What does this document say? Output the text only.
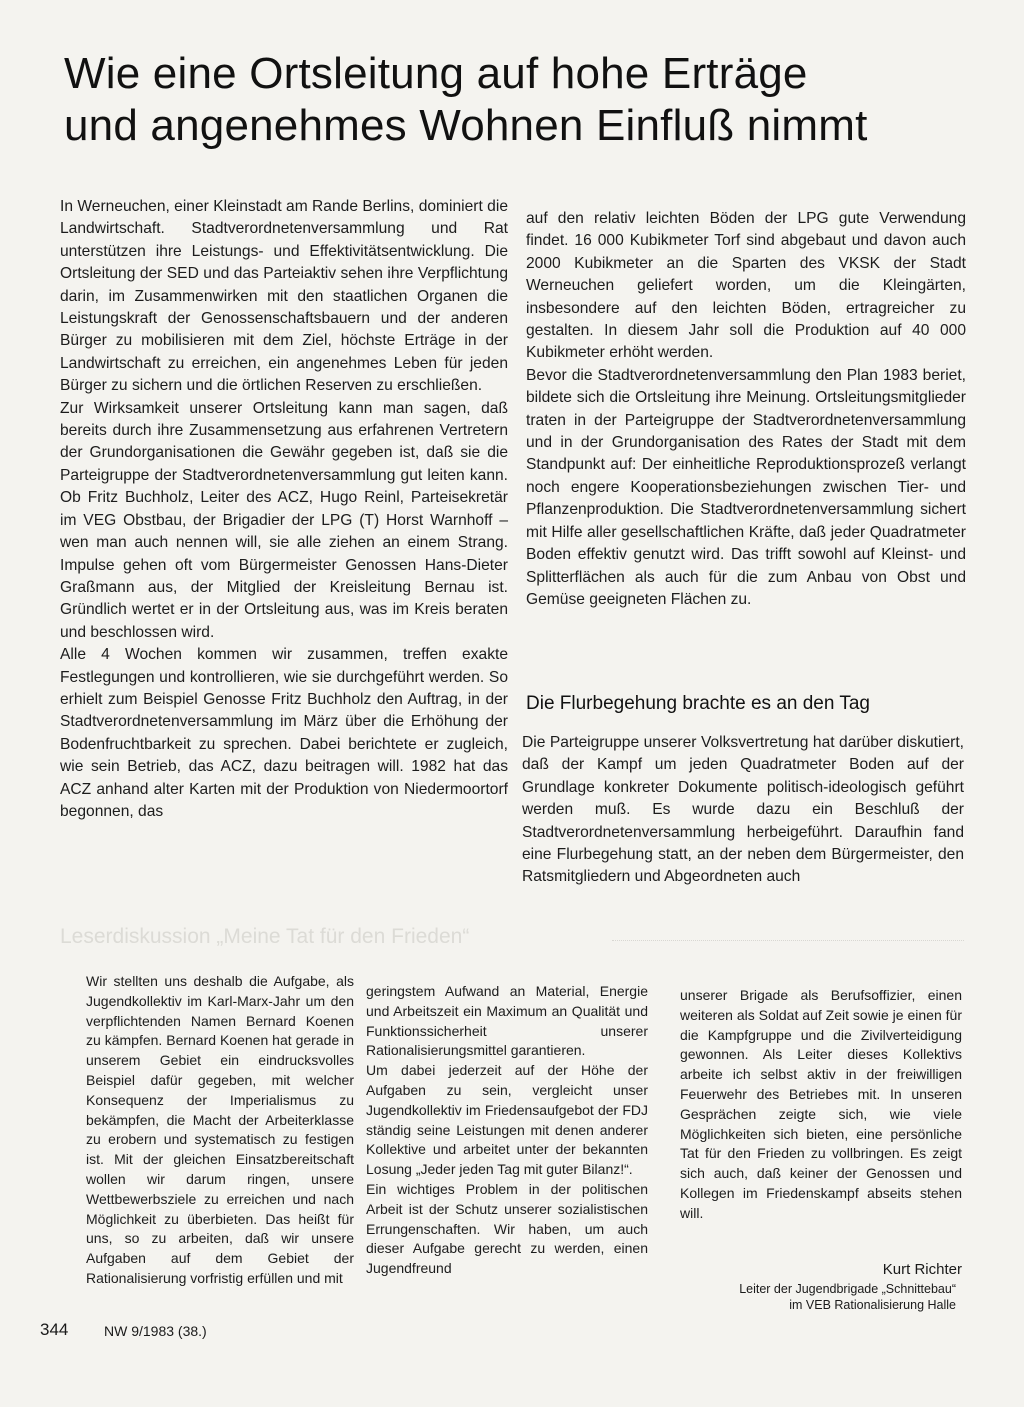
Wie eine Ortsleitung auf hohe Erträge
und angenehmes Wohnen Einfluß nimmt

In Werneuchen, einer Kleinstadt am Rande Berlins, dominiert die Landwirtschaft. Stadtverordnetenversammlung und Rat unterstützen ihre Leistungs- und Effektivitätsentwicklung. Die Ortsleitung der SED und das Parteiaktiv sehen ihre Verpflichtung darin, im Zusammenwirken mit den staatlichen Organen die Leistungskraft der Genossenschaftsbauern und der anderen Bürger zu mobilisieren mit dem Ziel, höchste Erträge in der Landwirtschaft zu erreichen, ein angenehmes Leben für jeden Bürger zu sichern und die örtlichen Reserven zu erschließen.

Zur Wirksamkeit unserer Ortsleitung kann man sagen, daß bereits durch ihre Zusammensetzung aus erfahrenen Vertretern der Grundorganisationen die Gewähr gegeben ist, daß sie die Parteigruppe der Stadtverordnetenversammlung gut leiten kann. Ob Fritz Buchholz, Leiter des ACZ, Hugo Reinl, Parteisekretär im VEG Obstbau, der Brigadier der LPG (T) Horst Warnhoff – wen man auch nennen will, sie alle ziehen an einem Strang. Impulse gehen oft vom Bürgermeister Genossen Hans-Dieter Graßmann aus, der Mitglied der Kreisleitung Bernau ist. Gründlich wertet er in der Ortsleitung aus, was im Kreis beraten und beschlossen wird.

Alle 4 Wochen kommen wir zusammen, treffen exakte Festlegungen und kontrollieren, wie sie durchgeführt werden. So erhielt zum Beispiel Genosse Fritz Buchholz den Auftrag, in der Stadtverordnetenversammlung im März über die Erhöhung der Bodenfruchtbarkeit zu sprechen. Dabei berichtete er zugleich, wie sein Betrieb, das ACZ, dazu beitragen will. 1982 hat das ACZ anhand alter Karten mit der Produktion von Niedermoortorf begonnen, das

auf den relativ leichten Böden der LPG gute Verwendung findet. 16 000 Kubikmeter Torf sind abgebaut und davon auch 2000 Kubikmeter an die Sparten des VKSK der Stadt Werneuchen geliefert worden, um die Kleingärten, insbesondere auf den leichten Böden, ertragreicher zu gestalten. In diesem Jahr soll die Produktion auf 40 000 Kubikmeter erhöht werden.

Bevor die Stadtverordnetenversammlung den Plan 1983 beriet, bildete sich die Ortsleitung ihre Meinung. Ortsleitungsmitglieder traten in der Parteigruppe der Stadtverordnetenversammlung und in der Grundorganisation des Rates der Stadt mit dem Standpunkt auf: Der einheitliche Reproduktionsprozeß verlangt noch engere Kooperationsbeziehungen zwischen Tier- und Pflanzenproduktion. Die Stadtverordnetenversammlung sichert mit Hilfe aller gesellschaftlichen Kräfte, daß jeder Quadratmeter Boden effektiv genutzt wird. Das trifft sowohl auf Kleinst- und Splitterflächen als auch für die zum Anbau von Obst und Gemüse geeigneten Flächen zu.

Die Flurbegehung brachte es an den Tag

Die Parteigruppe unserer Volksvertretung hat darüber diskutiert, daß der Kampf um jeden Quadratmeter Boden auf der Grundlage konkreter Dokumente politisch-ideologisch geführt werden muß. Es wurde dazu ein Beschluß der Stadtverordnetenversammlung herbeigeführt. Daraufhin fand eine Flurbegehung statt, an der neben dem Bürgermeister, den Ratsmitgliedern und Abgeordneten auch

Leserdiskussion „Meine Tat für den Frieden“

Wir stellten uns deshalb die Aufgabe, als Jugendkollektiv im Karl-Marx-Jahr um den verpflichtenden Namen Bernard Koenen zu kämpfen. Bernard Koenen hat gerade in unserem Gebiet ein eindrucksvolles Beispiel dafür gegeben, mit welcher Konsequenz der Imperialismus zu bekämpfen, die Macht der Arbeiterklasse zu erobern und systematisch zu festigen ist. Mit der gleichen Einsatzbereitschaft wollen wir darum ringen, unsere Wettbewerbsziele zu erreichen und nach Möglichkeit zu überbieten. Das heißt für uns, so zu arbeiten, daß wir unsere Aufgaben auf dem Gebiet der Rationalisierung vorfristig erfüllen und mit

geringstem Aufwand an Material, Energie und Arbeitszeit ein Maximum an Qualität und Funktionssicherheit unserer Rationalisierungsmittel garantieren.

Um dabei jederzeit auf der Höhe der Aufgaben zu sein, vergleicht unser Jugendkollektiv im Friedensaufgebot der FDJ ständig seine Leistungen mit denen anderer Kollektive und arbeitet unter der bekannten Losung „Jeder jeden Tag mit guter Bilanz!“.

Ein wichtiges Problem in der politischen Arbeit ist der Schutz unserer sozialistischen Errungenschaften. Wir haben, um auch dieser Aufgabe gerecht zu werden, einen Jugendfreund

unserer Brigade als Berufsoffizier, einen weiteren als Soldat auf Zeit sowie je einen für die Kampfgruppe und die Zivilverteidigung gewonnen. Als Leiter dieses Kollektivs arbeite ich selbst aktiv in der freiwilligen Feuerwehr des Betriebes mit. In unseren Gesprächen zeigte sich, wie viele Möglichkeiten sich bieten, eine persönliche Tat für den Frieden zu vollbringen. Es zeigt sich auch, daß keiner der Genossen und Kollegen im Friedenskampf abseits stehen will.

Kurt Richter
Leiter der Jugendbrigade „Schnittebau“
im VEB Rationalisierung Halle
344	NW 9/1983 (38.)
